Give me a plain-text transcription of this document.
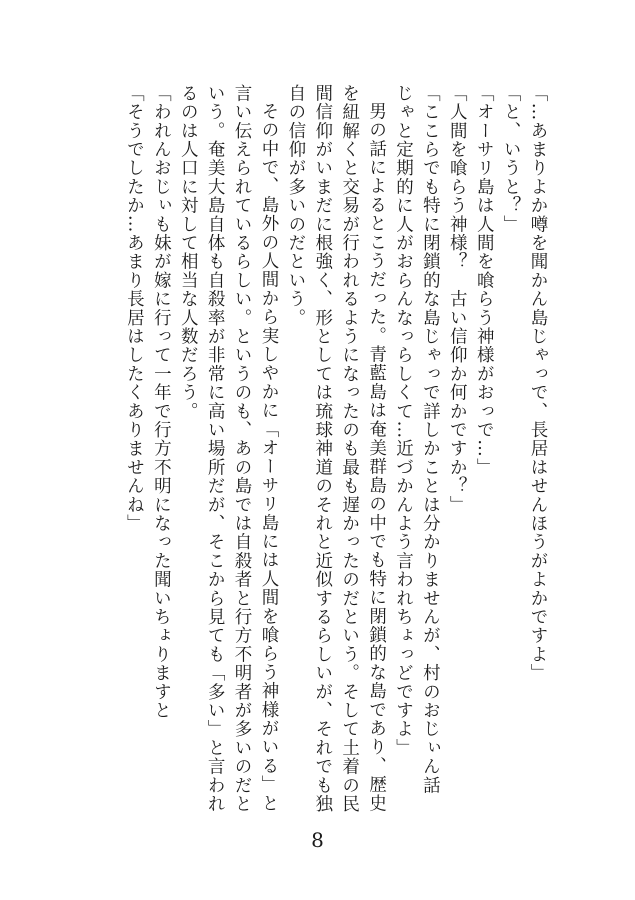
「…あまりよか噂を聞かん島じゃっで、長居はせんほうがよかですよ」
「と、いうと？」
「オーサリ島は人間を喰らう神様がおっで…」
「人間を喰らう神様？　古い信仰か何かですか？」
「ここらでも特に閉鎖的な島じゃっで詳しかことは分かりませんが、村のおじぃん話
じゃと定期的に人がおらんなっらしくて…近づかんよう言われちょっどですよ」
男の話によるとこうだった。青藍島は奄美群島の中でも特に閉鎖的な島であり、歴史
を紐解くと交易が行われるようになったのも最も遅かったのだという。そして土着の民
間信仰がいまだに根強く、形としては琉球神道のそれと近似するらしいが、それでも独
自の信仰が多いのだという。
その中で、島外の人間から実しやかに「オーサリ島には人間を喰らう神様がいる」と
言い伝えられているらしい。というのも、あの島では自殺者と行方不明者が多いのだと
いう。奄美大島自体も自殺率が非常に高い場所だが、そこから見ても「多い」と言われ
るのは人口に対して相当な人数だろう。
「われんおじぃも妹が嫁に行って一年で行方不明になった聞いちょりますと
「そうでしたか…あまり長居はしたくありませんね」
8
